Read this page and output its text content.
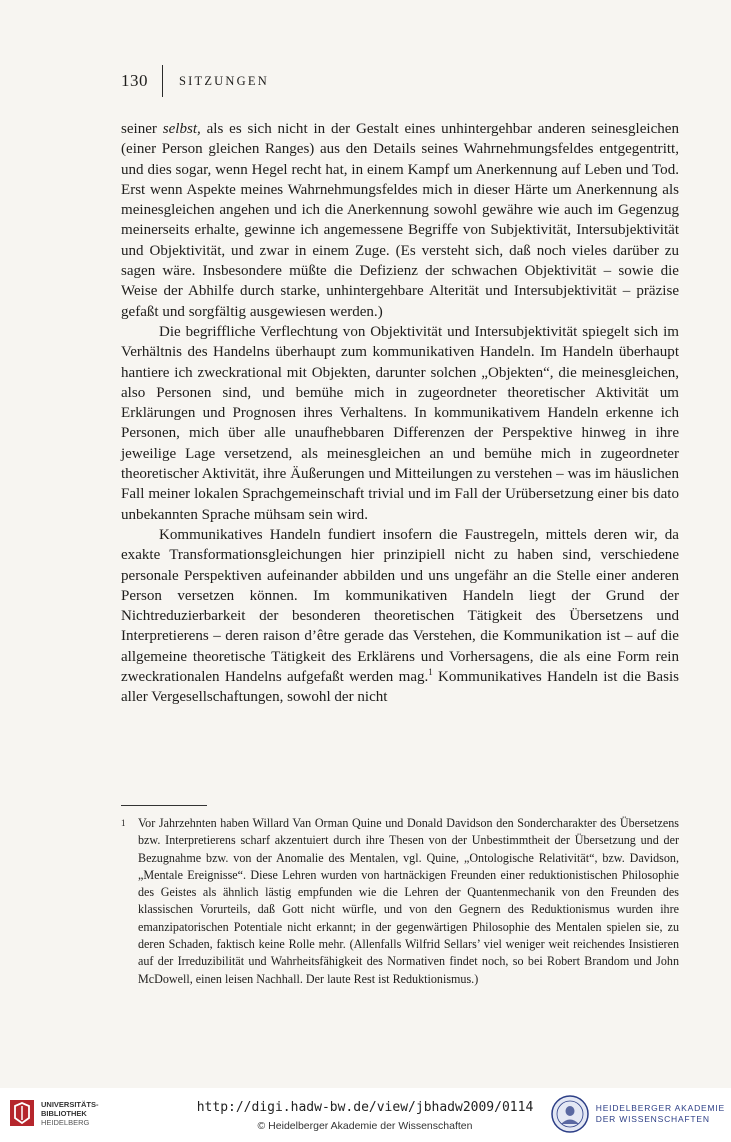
130 SITZUNGEN

seiner selbst, als es sich nicht in der Gestalt eines unhintergehbar anderen seinesgleichen (einer Person gleichen Ranges) aus den Details seines Wahrnehmungsfeldes entgegentritt, und dies sogar, wenn Hegel recht hat, in einem Kampf um Anerkennung auf Leben und Tod. Erst wenn Aspekte meines Wahrnehmungsfeldes mich in dieser Härte um Anerkennung als meinesgleichen angehen und ich die Anerkennung sowohl gewähre wie auch im Gegenzug meinerseits erhalte, gewinne ich angemessene Begriffe von Subjektivität, Intersubjektivität und Objektivität, und zwar in einem Zuge. (Es versteht sich, daß noch vieles darüber zu sagen wäre. Insbesondere müßte die Defizienz der schwachen Objektivität – sowie die Weise der Abhilfe durch starke, unhintergehbare Alterität und Intersubjektivität – präzise gefaßt und sorgfältig ausgewiesen werden.)

Die begriffliche Verflechtung von Objektivität und Intersubjektivität spiegelt sich im Verhältnis des Handelns überhaupt zum kommunikativen Handeln. Im Handeln überhaupt hantiere ich zweckrational mit Objekten, darunter solchen „Objekten“, die meinesgleichen, also Personen sind, und bemühe mich in zugeordneter theoretischer Aktivität um Erklärungen und Prognosen ihres Verhaltens. In kommunikativem Handeln erkenne ich Personen, mich über alle unaufhebbaren Differenzen der Perspektive hinweg in ihre jeweilige Lage versetzend, als meinesgleichen an und bemühe mich in zugeordneter theoretischer Aktivität, ihre Äußerungen und Mitteilungen zu verstehen – was im häuslichen Fall meiner lokalen Sprachgemeinschaft trivial und im Fall der Urübersetzung einer bis dato unbekannten Sprache mühsam sein wird.

Kommunikatives Handeln fundiert insofern die Faustregeln, mittels deren wir, da exakte Transformationsgleichungen hier prinzipiell nicht zu haben sind, verschiedene personale Perspektiven aufeinander abbilden und uns ungefähr an die Stelle einer anderen Person versetzen können. Im kommunikativen Handeln liegt der Grund der Nichtreduzierbarkeit der besonderen theoretischen Tätigkeit des Übersetzens und Interpretierens – deren raison d’être gerade das Verstehen, die Kommunikation ist – auf die allgemeine theoretische Tätigkeit des Erklärens und Vorhersagens, die als eine Form rein zweckrationalen Handelns aufgefaßt werden mag.$^1$ Kommunikatives Handeln ist die Basis aller Vergesellschaftungen, sowohl der nicht

1 Vor Jahrzehnten haben Willard Van Orman Quine und Donald Davidson den Sondercharakter des Übersetzens bzw. Interpretierens scharf akzentuiert durch ihre Thesen von der Unbestimmtheit der Übersetzung und der Bezugnahme bzw. von der Anomalie des Mentalen, vgl. Quine, „Ontologische Relativität“, bzw. Davidson, „Mentale Ereignisse“. Diese Lehren wurden von hartnäckigen Freunden einer reduktionistischen Philosophie des Geistes als ähnlich lästig empfunden wie die Lehren der Quantenmechanik von den Freunden des klassischen Vorurteils, daß Gott nicht würfle, und von den Gegnern des Reduktionismus wurden ihre emanzipatorischen Potentiale nicht erkannt; in der gegenwärtigen Philosophie des Mentalen spielen sie, zu deren Schaden, faktisch keine Rolle mehr. (Allenfalls Wilfrid Sellars’ viel weniger weit reichendes Insistieren auf der Irreduzibilität und Wahrheitsfähigkeit des Normativen findet noch, so bei Robert Brandom und John McDowell, einen leisen Nachhall. Der laute Rest ist Reduktionismus.)

UNIVERSITÄTS-
BIBLIOTHEK
HEIDELBERG
http://digi.hadw-bw.de/view/jbhadw2009/0114
© Heidelberger Akademie der Wissenschaften
HEIDELBERGER AKADEMIE
DER WISSENSCHAFTEN
